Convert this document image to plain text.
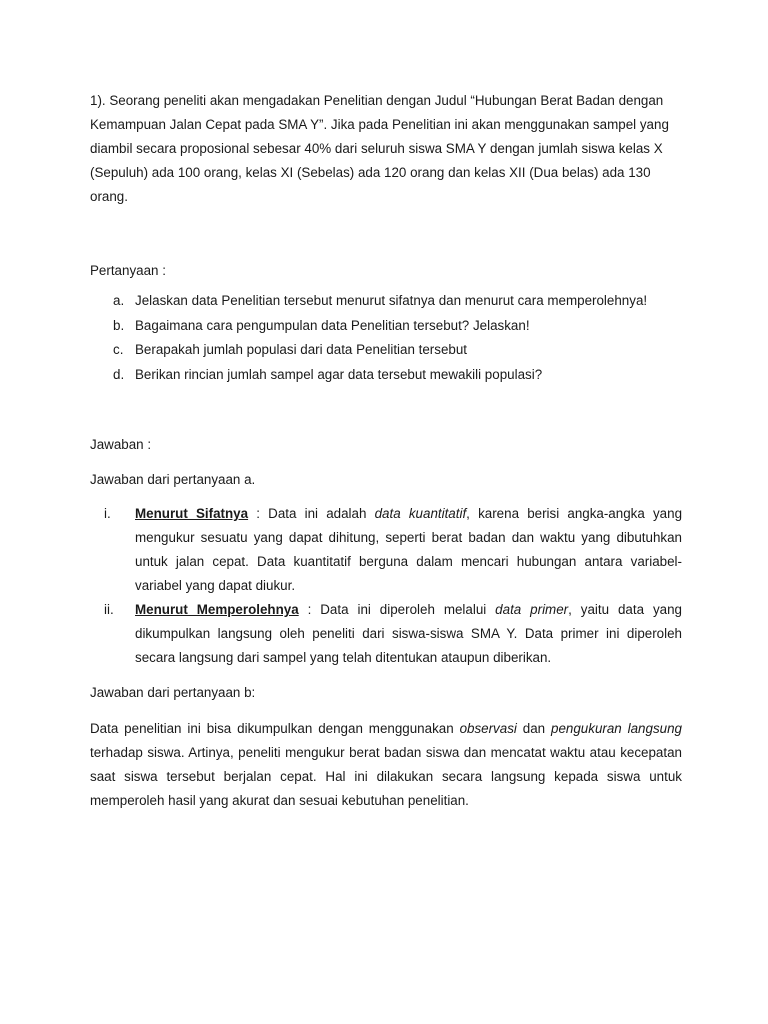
1). Seorang peneliti akan mengadakan Penelitian dengan Judul “Hubungan Berat Badan dengan Kemampuan Jalan Cepat pada SMA Y”. Jika pada Penelitian ini akan menggunakan sampel yang diambil secara proposional sebesar 40% dari seluruh siswa SMA Y dengan jumlah siswa kelas X (Sepuluh) ada 100 orang, kelas XI (Sebelas) ada 120 orang dan kelas XII (Dua belas) ada 130 orang.

Pertanyaan :

a. Jelaskan data Penelitian tersebut menurut sifatnya dan menurut cara memperolehnya!
b. Bagaimana cara pengumpulan data Penelitian tersebut? Jelaskan!
c. Berapakah jumlah populasi dari data Penelitian tersebut
d. Berikan rincian jumlah sampel agar data tersebut mewakili populasi?

Jawaban :

Jawaban dari pertanyaan a.

i. Menurut Sifatnya : Data ini adalah data kuantitatif, karena berisi angka-angka yang mengukur sesuatu yang dapat dihitung, seperti berat badan dan waktu yang dibutuhkan untuk jalan cepat. Data kuantitatif berguna dalam mencari hubungan antara variabel-variabel yang dapat diukur.
ii. Menurut Memperolehnya : Data ini diperoleh melalui data primer, yaitu data yang dikumpulkan langsung oleh peneliti dari siswa-siswa SMA Y. Data primer ini diperoleh secara langsung dari sampel yang telah ditentukan ataupun diberikan.

Jawaban dari pertanyaan b:

Data penelitian ini bisa dikumpulkan dengan menggunakan observasi dan pengukuran langsung terhadap siswa. Artinya, peneliti mengukur berat badan siswa dan mencatat waktu atau kecepatan saat siswa tersebut berjalan cepat. Hal ini dilakukan secara langsung kepada siswa untuk memperoleh hasil yang akurat dan sesuai kebutuhan penelitian.
